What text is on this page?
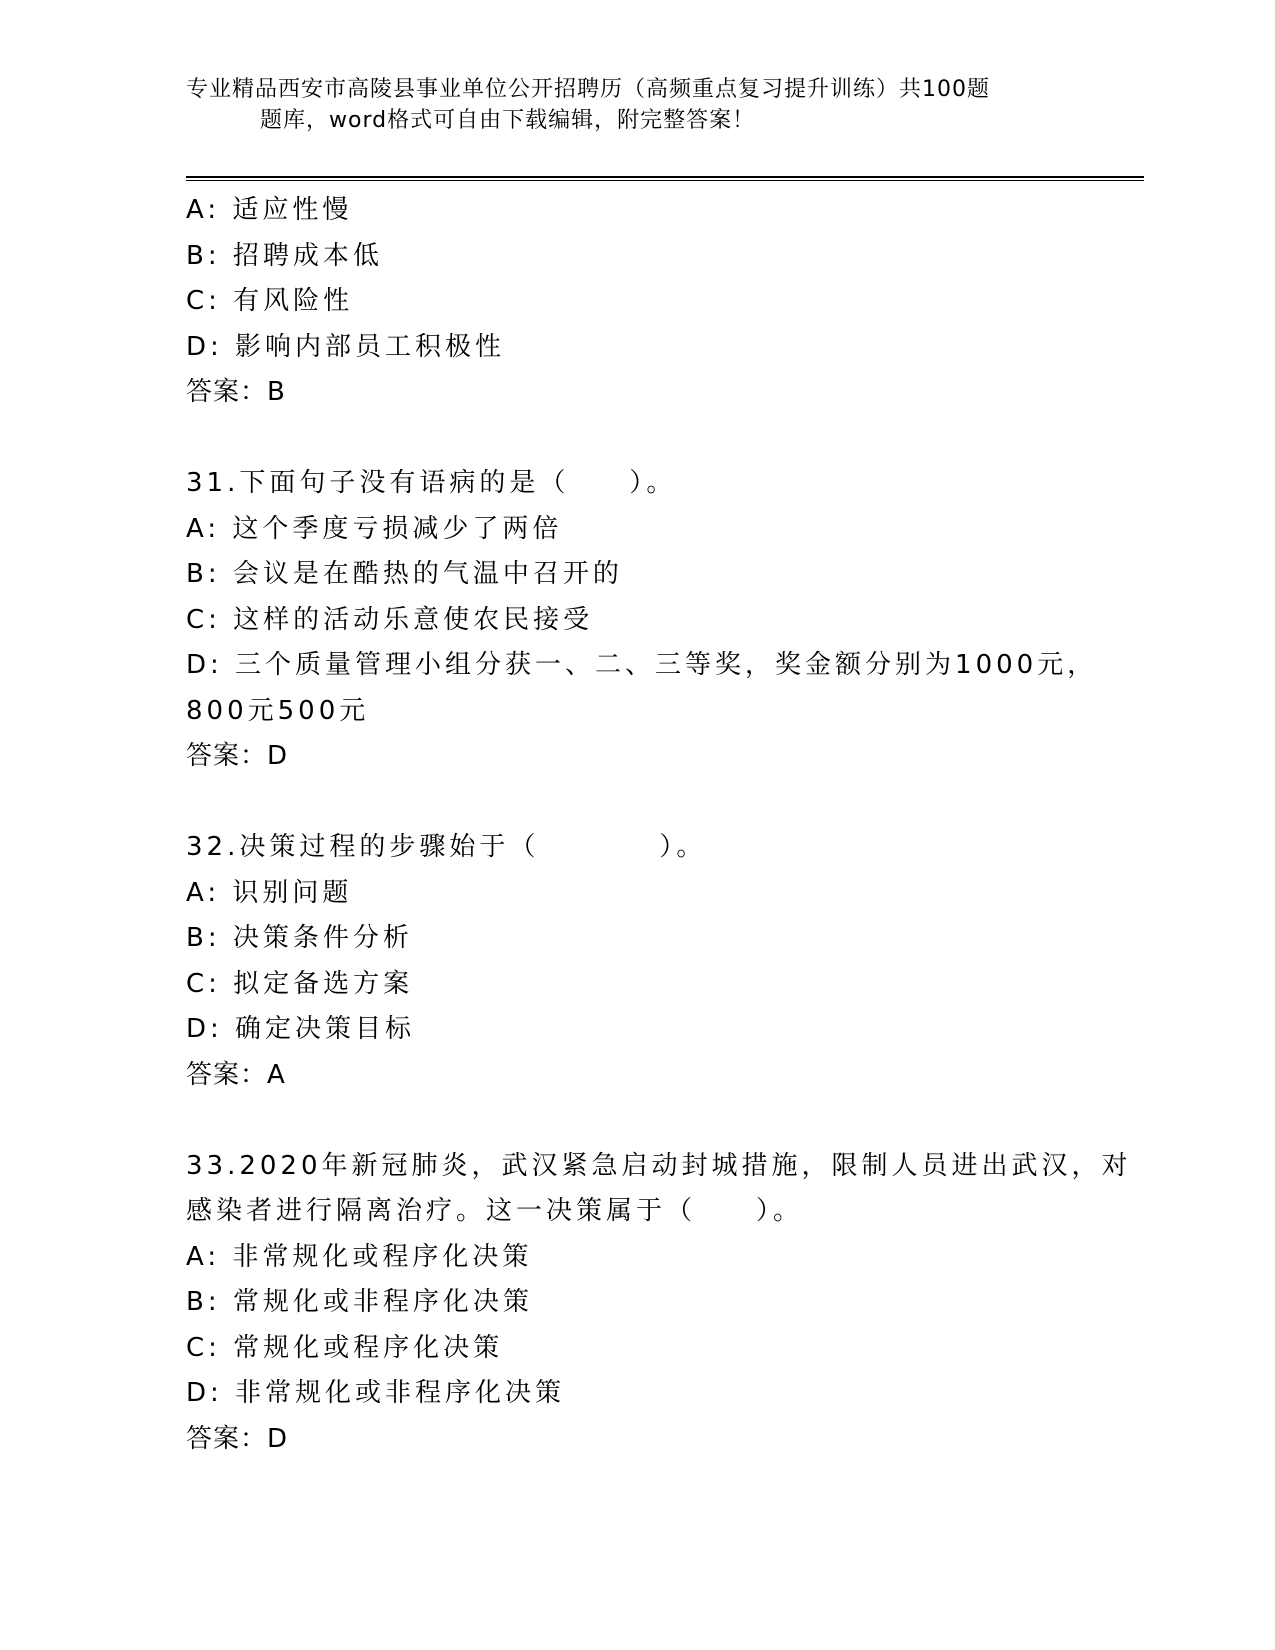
专业精品西安市高陵县事业单位公开招聘历（高频重点复习提升训练）共100题
题库，word格式可自由下载编辑，附完整答案！
A: 适应性慢
B: 招聘成本低
C: 有风险性
D: 影响内部员工积极性
答案：B
31.下面句子没有语病的是（　　）。
A: 这个季度亏损减少了两倍
B: 会议是在酷热的气温中召开的
C: 这样的活动乐意使农民接受
D: 三个质量管理小组分获一、二、三等奖，奖金额分别为1000元，
800元500元
答案：D
32.决策过程的步骤始于（　　　　）。
A: 识别问题
B: 决策条件分析
C: 拟定备选方案
D: 确定决策目标
答案：A
33.2020年新冠肺炎，武汉紧急启动封城措施，限制人员进出武汉，对
感染者进行隔离治疗。这一决策属于（　　）。
A: 非常规化或程序化决策
B: 常规化或非程序化决策
C: 常规化或程序化决策
D: 非常规化或非程序化决策
答案：D
